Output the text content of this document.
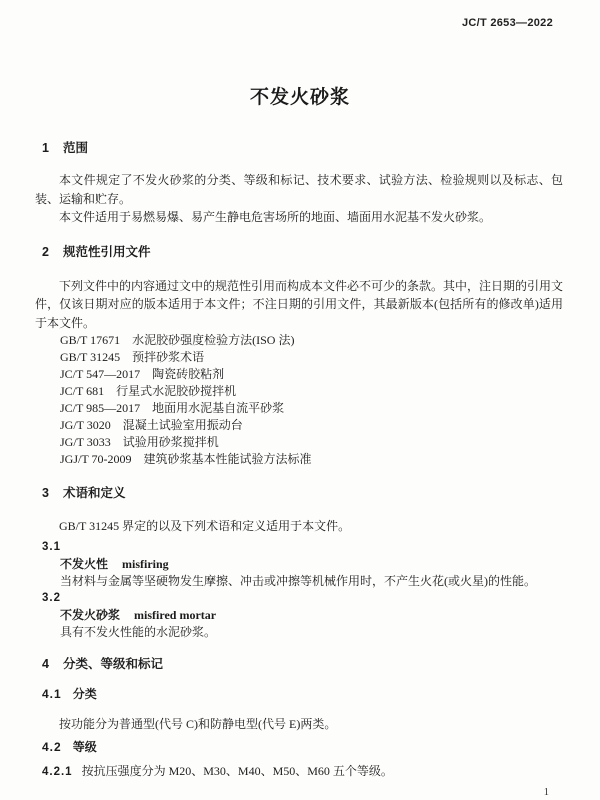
JC/T 2653—2022
不发火砂浆
1 范围

本文件规定了不发火砂浆的分类、等级和标记、技术要求、试验方法、检验规则以及标志、包装、运输和贮存。

本文件适用于易燃易爆、易产生静电危害场所的地面、墙面用水泥基不发火砂浆。

2 规范性引用文件

下列文件中的内容通过文中的规范性引用而构成本文件必不可少的条款。其中，注日期的引用文件，仅该日期对应的版本适用于本文件；不注日期的引用文件，其最新版本(包括所有的修改单)适用于本文件。

GB/T 17671　水泥胶砂强度检验方法(ISO 法)
GB/T 31245　预拌砂浆术语
JC/T 547—2017　陶瓷砖胶粘剂
JC/T 681　行星式水泥胶砂搅拌机
JC/T 985—2017　地面用水泥基自流平砂浆
JG/T 3020　混凝土试验室用振动台
JG/T 3033　试验用砂浆搅拌机
JGJ/T 70-2009　建筑砂浆基本性能试验方法标准
3 术语和定义

GB/T 31245 界定的以及下列术语和定义适用于本文件。

3.1
不发火性 misfiring
当材料与金属等坚硬物发生摩擦、冲击或冲擦等机械作用时，不产生火花(或火星)的性能。
3.2
不发火砂浆 misfired mortar
具有不发火性能的水泥砂浆。
4 分类、等级和标记
4.1 分类

按功能分为普通型(代号 C)和防静电型(代号 E)两类。

4.2 等级
4.2.1 按抗压强度分为 M20、M30、M40、M50、M60 五个等级。
1
